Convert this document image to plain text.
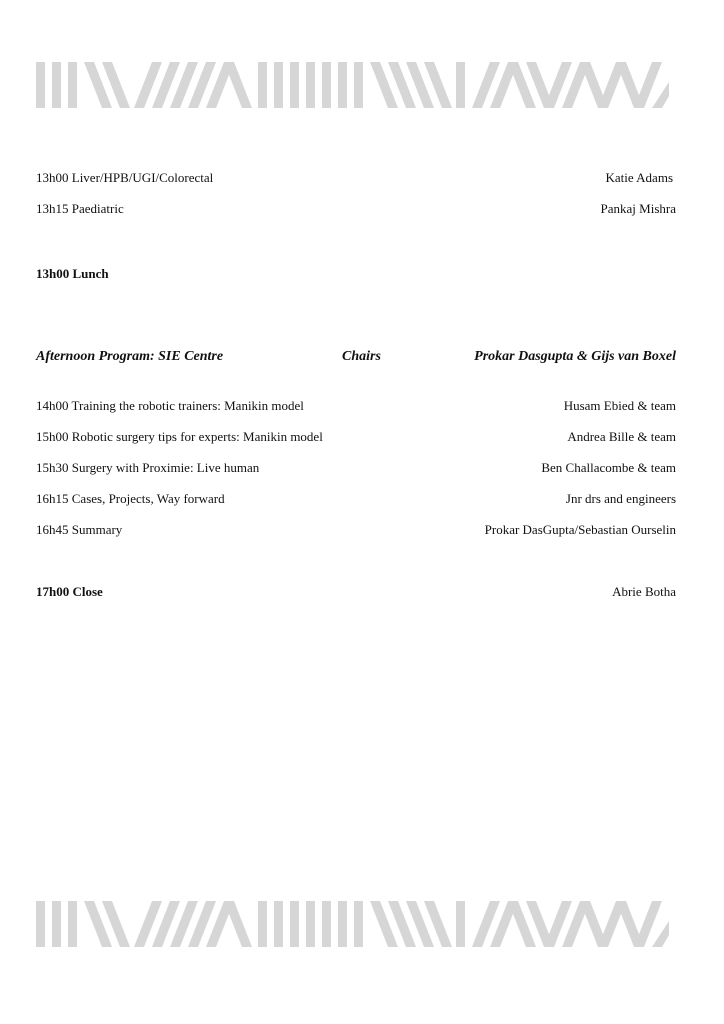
13h00 Liver/HPB/UGI/Colorectal	Katie Adams
13h15 Paediatric	Pankaj Mishra
13h00 Lunch
Afternoon Program: SIE Centre	Chairs	Prokar Dasgupta & Gijs van Boxel
14h00 Training the robotic trainers: Manikin model	Husam Ebied & team
15h00 Robotic surgery tips for experts: Manikin model	Andrea Bille & team
15h30 Surgery with Proximie: Live human	Ben Challacombe & team
16h15 Cases, Projects, Way forward	Jnr drs and engineers
16h45 Summary	Prokar DasGupta/Sebastian Ourselin
17h00 Close	Abrie Botha
